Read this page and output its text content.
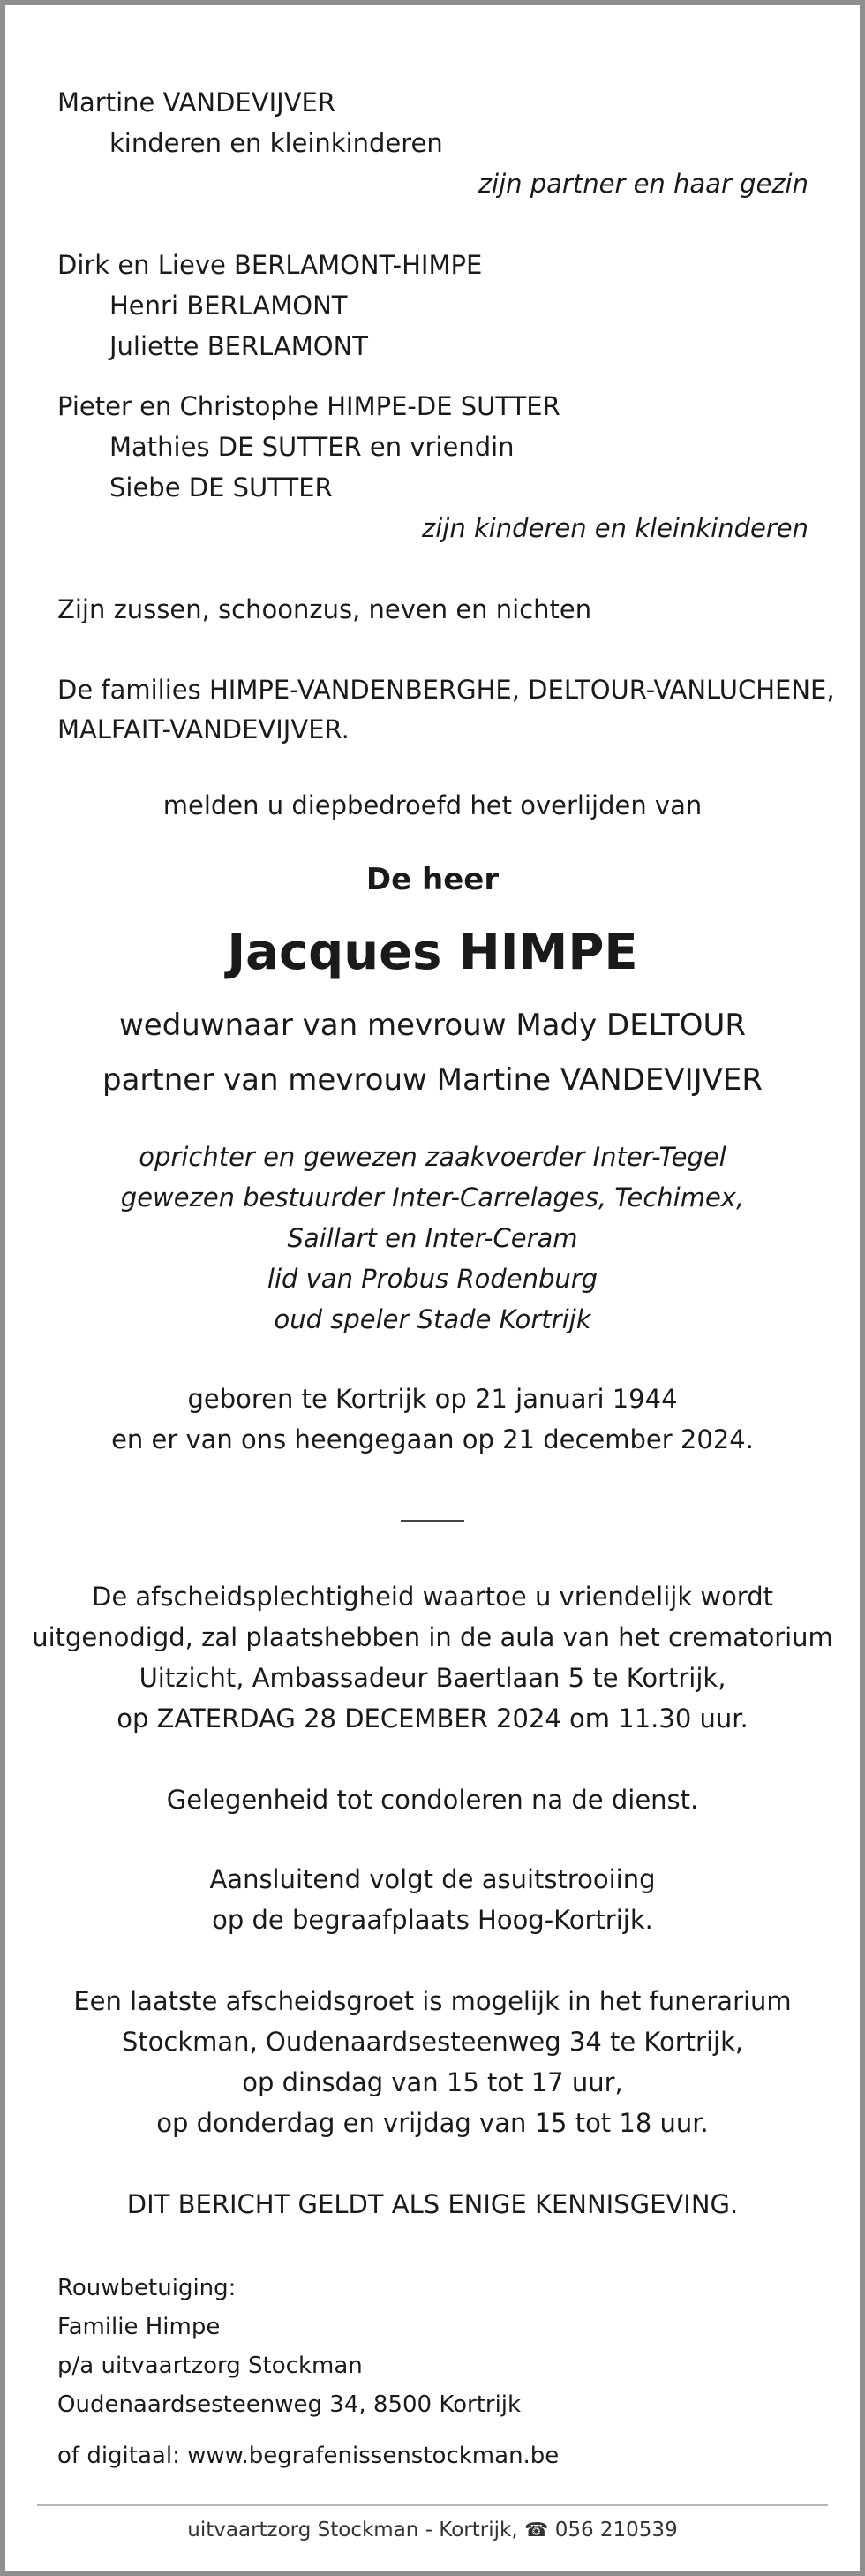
Martine VANDEVIJVER
kinderen en kleinkinderen
zijn partner en haar gezin
Dirk en Lieve BERLAMONT-HIMPE
Henri BERLAMONT
Juliette BERLAMONT
Pieter en Christophe HIMPE-DE SUTTER
Mathies DE SUTTER en vriendin
Siebe DE SUTTER
zijn kinderen en kleinkinderen
Zijn zussen, schoonzus, neven en nichten
De families HIMPE-VANDENBERGHE, DELTOUR-VANLUCHENE,
MALFAIT-VANDEVIJVER.
melden u diepbedroefd het overlijden van
De heer
Jacques HIMPE
weduwnaar van mevrouw Mady DELTOUR
partner van mevrouw Martine VANDEVIJVER
oprichter en gewezen zaakvoerder Inter-Tegel
gewezen bestuurder Inter-Carrelages, Techimex,
Saillart en Inter-Ceram
lid van Probus Rodenburg
oud speler Stade Kortrijk
geboren te Kortrijk op 21 januari 1944
en er van ons heengegaan op 21 december 2024.
De afscheidsplechtigheid waartoe u vriendelijk wordt
uitgenodigd, zal plaatshebben in de aula van het crematorium
Uitzicht, Ambassadeur Baertlaan 5 te Kortrijk,
op ZATERDAG 28 DECEMBER 2024 om 11.30 uur.
Gelegenheid tot condoleren na de dienst.
Aansluitend volgt de asuitstrooiing
op de begraafplaats Hoog-Kortrijk.
Een laatste afscheidsgroet is mogelijk in het funerarium
Stockman, Oudenaardsesteenweg 34 te Kortrijk,
op dinsdag van 15 tot 17 uur,
op donderdag en vrijdag van 15 tot 18 uur.
DIT BERICHT GELDT ALS ENIGE KENNISGEVING.
Rouwbetuiging:
Familie Himpe
p/a uitvaartzorg Stockman
Oudenaardsesteenweg 34, 8500 Kortrijk
of digitaal: www.begrafenissenstockman.be
uitvaartzorg Stockman - Kortrijk, ☎ 056 210539
